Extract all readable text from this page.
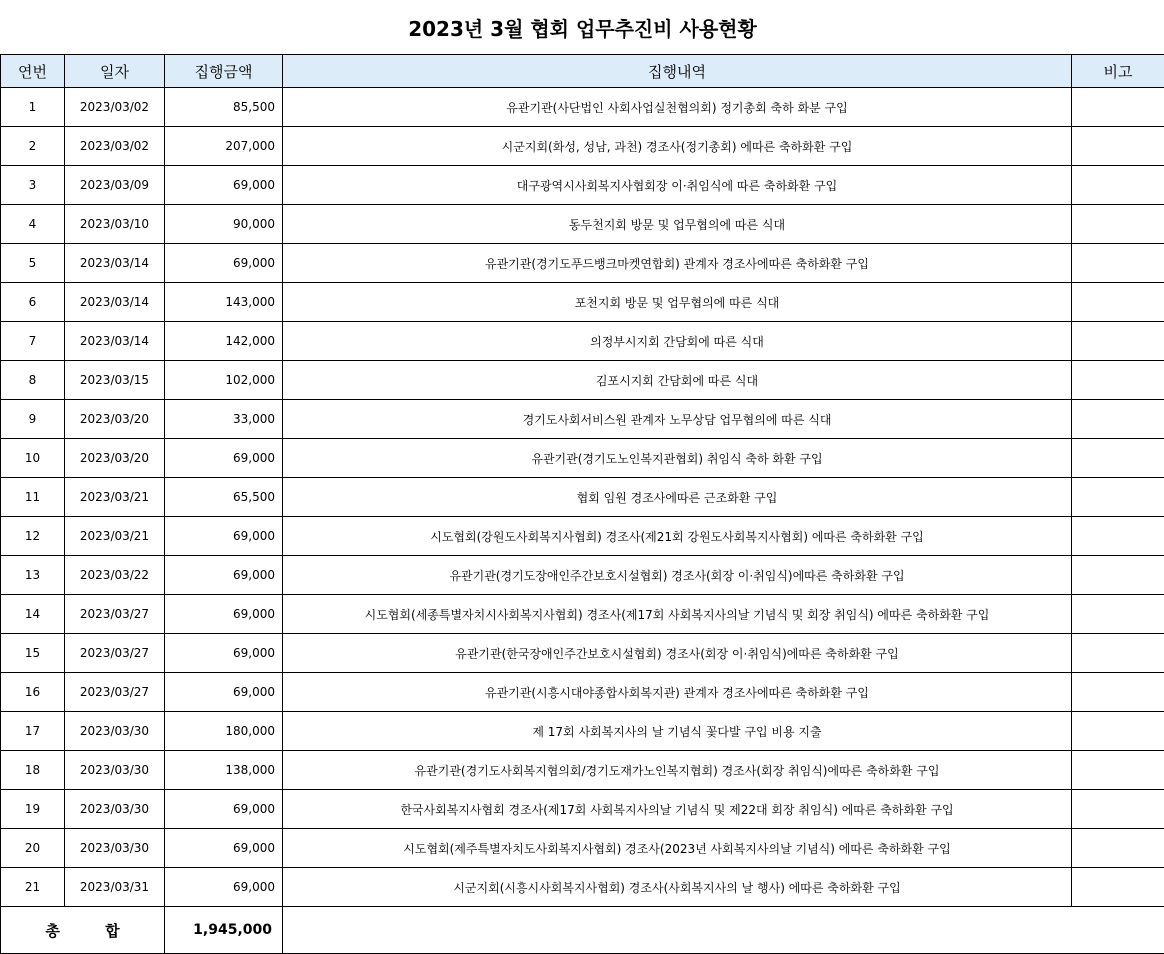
2023년 3월 협회 업무추진비 사용현황				
연번	일자	집행금액	집행내역	비고
1	2023/03/02	85,500	유관기관(사단법인 사회사업실천협의회) 정기총회 축하 화분 구입	
2	2023/03/02	207,000	시군지회(화성, 성남, 과천) 경조사(정기총회) 에따른 축하화환 구입	
3	2023/03/09	69,000	대구광역시사회복지사협회장 이·취임식에 따른 축하화환 구입	
4	2023/03/10	90,000	동두천지회 방문 및 업무협의에 따른 식대	
5	2023/03/14	69,000	유관기관(경기도푸드뱅크마켓연합회) 관계자 경조사에따른 축하화환 구입	
6	2023/03/14	143,000	포천지회 방문 및 업무협의에 따른 식대	
7	2023/03/14	142,000	의정부시지회 간담회에 따른 식대	
8	2023/03/15	102,000	김포시지회 간담회에 따른 식대	
9	2023/03/20	33,000	경기도사회서비스원 관계자 노무상담 업무협의에 따른 식대	
10	2023/03/20	69,000	유관기관(경기도노인복지관협회) 취임식 축하 화환 구입	
11	2023/03/21	65,500	협회 임원 경조사에따른 근조화환 구입	
12	2023/03/21	69,000	시도협회(강원도사회복지사협회) 경조사(제21회 강원도사회복지사협회) 에따른 축하화환 구입	
13	2023/03/22	69,000	유관기관(경기도장애인주간보호시설협회) 경조사(회장 이·취임식)에따른 축하화환 구입	
14	2023/03/27	69,000	시도협회(세종특별자치시사회복지사협회) 경조사(제17회 사회복지사의날 기념식 및 회장 취임식) 에따른 축하화환 구입	
15	2023/03/27	69,000	유관기관(한국장애인주간보호시설협회) 경조사(회장 이·취임식)에따른 축하화환 구입	
16	2023/03/27	69,000	유관기관(시흥시대야종합사회복지관) 관계자 경조사에따른 축하화환 구입	
17	2023/03/30	180,000	제 17회 사회복지사의 날 기념식 꽃다발 구입 비용 지출	
18	2023/03/30	138,000	유관기관(경기도사회복지협의회/경기도재가노인복지협회) 경조사(회장 취임식)에따른 축하화환 구입	
19	2023/03/30	69,000	한국사회복지사협회 경조사(제17회 사회복지사의날 기념식 및 제22대 회장 취임식) 에따른 축하화환 구입	
20	2023/03/30	69,000	시도협회(제주특별자치도사회복지사협회) 경조사(2023년 사회복지사의날 기념식) 에따른 축하화환 구입	
21	2023/03/31	69,000	시군지회(시흥시사회복지사협회) 경조사(사회복지사의 날 행사) 에따른 축하화환 구입	
총 합		1,945,000		
